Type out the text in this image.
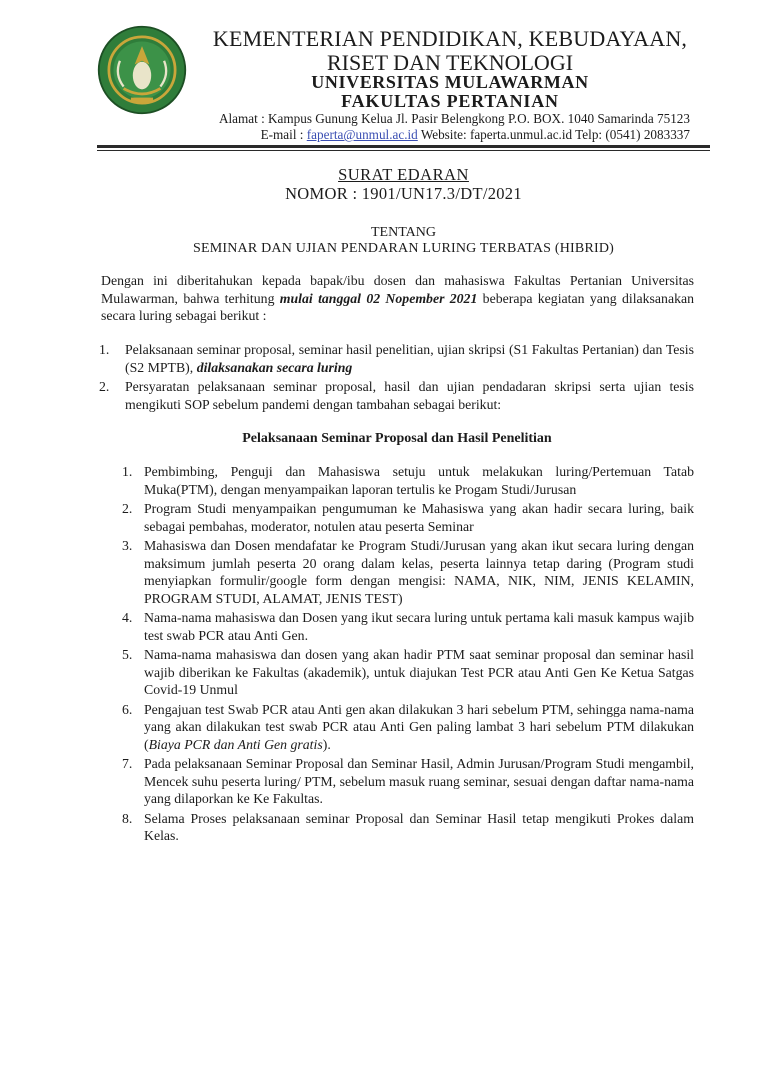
KEMENTERIAN PENDIDIKAN, KEBUDAYAAN,
RISET DAN TEKNOLOGI
UNIVERSITAS MULAWARMAN
FAKULTAS PERTANIAN
Alamat : Kampus Gunung Kelua Jl. Pasir Belengkong P.O. BOX. 1040 Samarinda 75123
E-mail : faperta@unmul.ac.id Website: faperta.unmul.ac.id Telp: (0541) 2083337
SURAT EDARAN
NOMOR : 1901/UN17.3/DT/2021
TENTANG
SEMINAR DAN UJIAN PENDARAN LURING TERBATAS (HIBRID)
Dengan ini diberitahukan kepada bapak/ibu dosen dan mahasiswa Fakultas Pertanian Universitas Mulawarman, bahwa terhitung mulai tanggal 02 Nopember 2021 beberapa kegiatan yang dilaksanakan secara luring sebagai berikut :
1. Pelaksanaan seminar proposal, seminar hasil penelitian, ujian skripsi (S1 Fakultas Pertanian) dan Tesis (S2 MPTB), dilaksanakan secara luring
2. Persyaratan pelaksanaan seminar proposal, hasil dan ujian pendadaran skripsi serta ujian tesis mengikuti SOP sebelum pandemi dengan tambahan sebagai berikut:
Pelaksanaan Seminar Proposal dan Hasil Penelitian
1. Pembimbing, Penguji dan Mahasiswa setuju untuk melakukan luring/Pertemuan Tatab Muka(PTM), dengan menyampaikan laporan tertulis ke Progam Studi/Jurusan
2. Program Studi menyampaikan pengumuman ke Mahasiswa yang akan hadir secara luring, baik sebagai pembahas, moderator, notulen atau peserta Seminar
3. Mahasiswa dan Dosen mendafatar ke Program Studi/Jurusan yang akan ikut secara luring dengan maksimum jumlah peserta 20 orang dalam kelas, peserta lainnya tetap daring (Program studi menyiapkan formulir/google form dengan mengisi: NAMA, NIK, NIM, JENIS KELAMIN, PROGRAM STUDI, ALAMAT, JENIS TEST)
4. Nama-nama mahasiswa dan Dosen yang ikut secara luring untuk pertama kali masuk kampus wajib test swab PCR atau Anti Gen.
5. Nama-nama mahasiswa dan dosen yang akan hadir PTM saat seminar proposal dan seminar hasil wajib diberikan ke Fakultas (akademik), untuk diajukan Test PCR atau Anti Gen Ke Ketua Satgas Covid-19 Unmul
6. Pengajuan test Swab PCR atau Anti gen akan dilakukan 3 hari sebelum PTM, sehingga nama-nama yang akan dilakukan test swab PCR atau Anti Gen paling lambat 3 hari sebelum PTM dilakukan (Biaya PCR dan Anti Gen gratis).
7. Pada pelaksanaan Seminar Proposal dan Seminar Hasil, Admin Jurusan/Program Studi mengambil, Mencek suhu peserta luring/ PTM, sebelum masuk ruang seminar, sesuai dengan daftar nama-nama yang dilaporkan ke Ke Fakultas.
8. Selama Proses pelaksanaan seminar Proposal dan Seminar Hasil tetap mengikuti Prokes dalam Kelas.
